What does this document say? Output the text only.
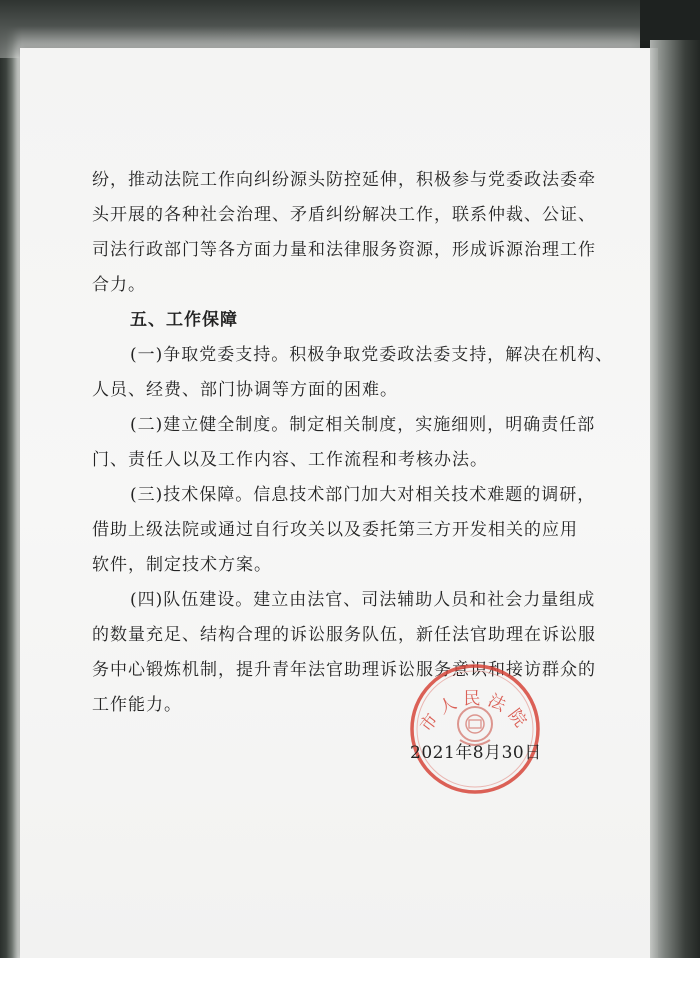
纷，推动法院工作向纠纷源头防控延伸，积极参与党委政法委牵
头开展的各种社会治理、矛盾纠纷解决工作，联系仲裁、公证、
司法行政部门等各方面力量和法律服务资源，形成诉源治理工作
合力。
五、工作保障
(一)争取党委支持。积极争取党委政法委支持，解决在机构、
人员、经费、部门协调等方面的困难。
(二)建立健全制度。制定相关制度，实施细则，明确责任部
门、责任人以及工作内容、工作流程和考核办法。
(三)技术保障。信息技术部门加大对相关技术难题的调研，
借助上级法院或通过自行攻关以及委托第三方开发相关的应用
软件，制定技术方案。
(四)队伍建设。建立由法官、司法辅助人员和社会力量组成
的数量充足、结构合理的诉讼服务队伍，新任法官助理在诉讼服
务中心锻炼机制，提升青年法官助理诉讼服务意识和接访群众的
工作能力。
市人民法院
2021年8月30日
